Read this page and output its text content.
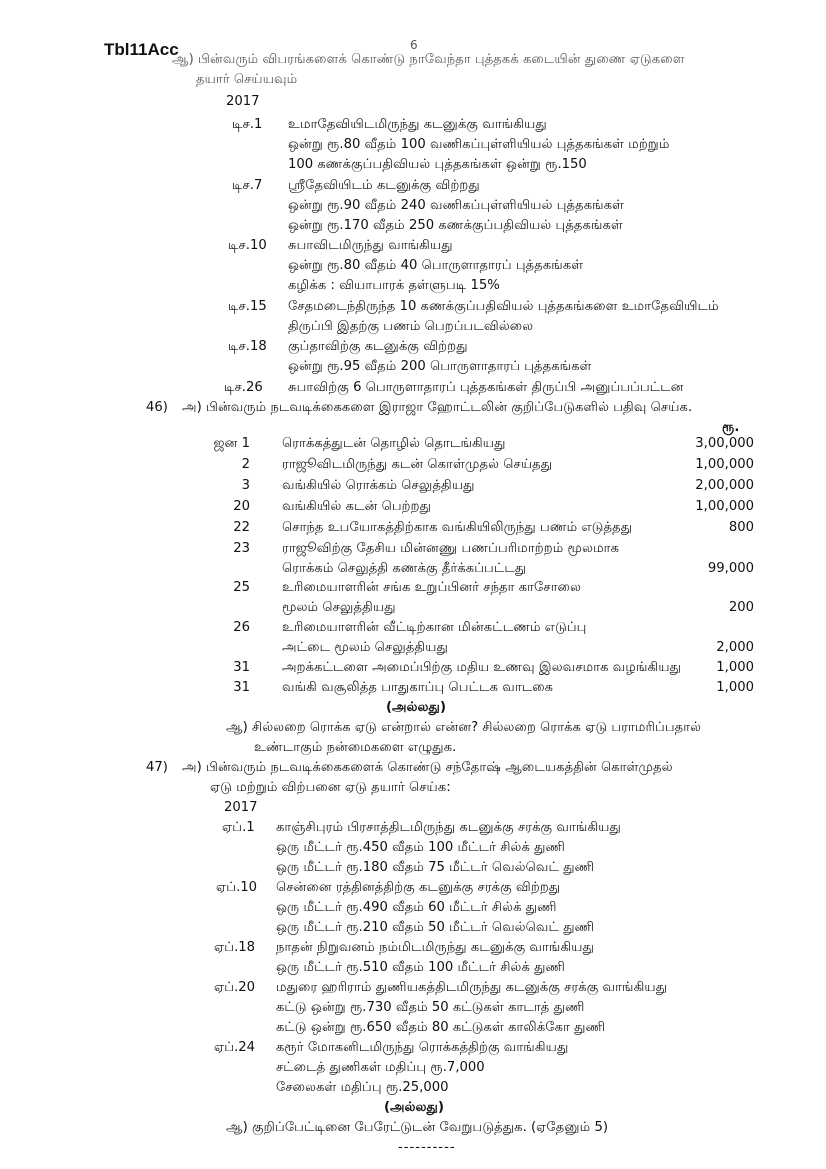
Tbl11Acc	6
ஆ) பின்வரும் விபரங்களைக் கொண்டு நாவேந்தா புத்தகக் கடையின் துணை ஏடுகளை
தயார் செய்யவும்
2017
டிச.1 உமாதேவியிடமிருந்து கடனுக்கு வாங்கியது
ஒன்று ரூ.80 வீதம் 100 வணிகப்புள்ளியியல் புத்தகங்கள் மற்றும்
100 கணக்குப்பதிவியல் புத்தகங்கள் ஒன்று ரூ.150
டிச.7 ஸ்ரீதேவியிடம் கடனுக்கு விற்றது
ஒன்று ரூ.90 வீதம் 240 வணிகப்புள்ளியியல் புத்தகங்கள்
ஒன்று ரூ.170 வீதம் 250 கணக்குப்பதிவியல் புத்தகங்கள்
டிச.10 சுபாவிடமிருந்து வாங்கியது
ஒன்று ரூ.80 வீதம் 40 பொருளாதாரப் புத்தகங்கள்
கழிக்க : வியாபாரக் தள்ளுபடி 15%
டிச.15 சேதமடைந்திருந்த 10 கணக்குப்பதிவியல் புத்தகங்களை உமாதேவியிடம்
திருப்பி இதற்கு பணம் பெறப்படவில்லை
டிச.18 குப்தாவிற்கு கடனுக்கு விற்றது
ஒன்று ரூ.95 வீதம் 200 பொருளாதாரப் புத்தகங்கள்
டிச.26 சுபாவிற்கு 6 பொருளாதாரப் புத்தகங்கள் திருப்பி அனுப்பப்பட்டன
46) அ) பின்வரும் நடவடிக்கைகளை இராஜா ஹோட்டலின் குறிப்பேடுகளில் பதிவு செய்க.
ரூ.
ஜன 1 ரொக்கத்துடன் தொழில் தொடங்கியது	3,00,000
2 ராஜூவிடமிருந்து கடன் கொள்முதல் செய்தது	1,00,000
3 வங்கியில் ரொக்கம் செலுத்தியது	2,00,000
20 வங்கியில் கடன் பெற்றது	1,00,000
22 சொந்த உபயோகத்திற்காக வங்கியிலிருந்து பணம் எடுத்தது	800
23 ராஜூவிற்கு தேசிய மின்னணு பணப்பரிமாற்றம் மூலமாக
ரொக்கம் செலுத்தி கணக்கு தீர்க்கப்பட்டது	99,000
25 உரிமையாளரின் சங்க உறுப்பினர் சந்தா காசோலை
மூலம் செலுத்தியது	200
26 உரிமையாளரின் வீட்டிற்கான மின்கட்டணம் எடுப்பு
அட்டை மூலம் செலுத்தியது	2,000
31 அறக்கட்டளை அமைப்பிற்கு மதிய உணவு இலவசமாக வழங்கியது	1,000
31 வங்கி வசூலித்த பாதுகாப்பு பெட்டக வாடகை	1,000
(அல்லது)
ஆ) சில்லறை ரொக்க ஏடு என்றால் என்ன? சில்லறை ரொக்க ஏடு பராமரிப்பதால்
உண்டாகும் நன்மைகளை எழுதுக.
47) அ) பின்வரும் நடவடிக்கைகளைக் கொண்டு சந்தோஷ் ஆடையகத்தின் கொள்முதல்
ஏடு மற்றும் விற்பனை ஏடு தயார் செய்க:
2017
ஏப்.1 காஞ்சிபுரம் பிரசாத்திடமிருந்து கடனுக்கு சரக்கு வாங்கியது
ஒரு மீட்டர் ரூ.450 வீதம் 100 மீட்டர் சில்க் துணி
ஒரு மீட்டர் ரூ.180 வீதம் 75 மீட்டர் வெல்வெட் துணி
ஏப்.10 சென்னை ரத்தினத்திற்கு கடனுக்கு சரக்கு விற்றது
ஒரு மீட்டர் ரூ.490 வீதம் 60 மீட்டர் சில்க் துணி
ஒரு மீட்டர் ரூ.210 வீதம் 50 மீட்டர் வெல்வெட் துணி
ஏப்.18 நாதன் நிறுவனம் நம்மிடமிருந்து கடனுக்கு வாங்கியது
ஒரு மீட்டர் ரூ.510 வீதம் 100 மீட்டர் சில்க் துணி
ஏப்.20 மதுரை ஹரிராம் துணியகத்திடமிருந்து கடனுக்கு சரக்கு வாங்கியது
கட்டு ஒன்று ரூ.730 வீதம் 50 கட்டுகள் காடாத் துணி
கட்டு ஒன்று ரூ.650 வீதம் 80 கட்டுகள் காலிக்கோ துணி
ஏப்.24 கரூர் மோகனிடமிருந்து ரொக்கத்திற்கு வாங்கியது
சட்டைத் துணிகள் மதிப்பு ரூ.7,000
சேலைகள் மதிப்பு ரூ.25,000
(அல்லது)
ஆ) குறிப்பேட்டினை பேரேட்டுடன் வேறுபடுத்துக. (ஏதேனும் 5)
----------
